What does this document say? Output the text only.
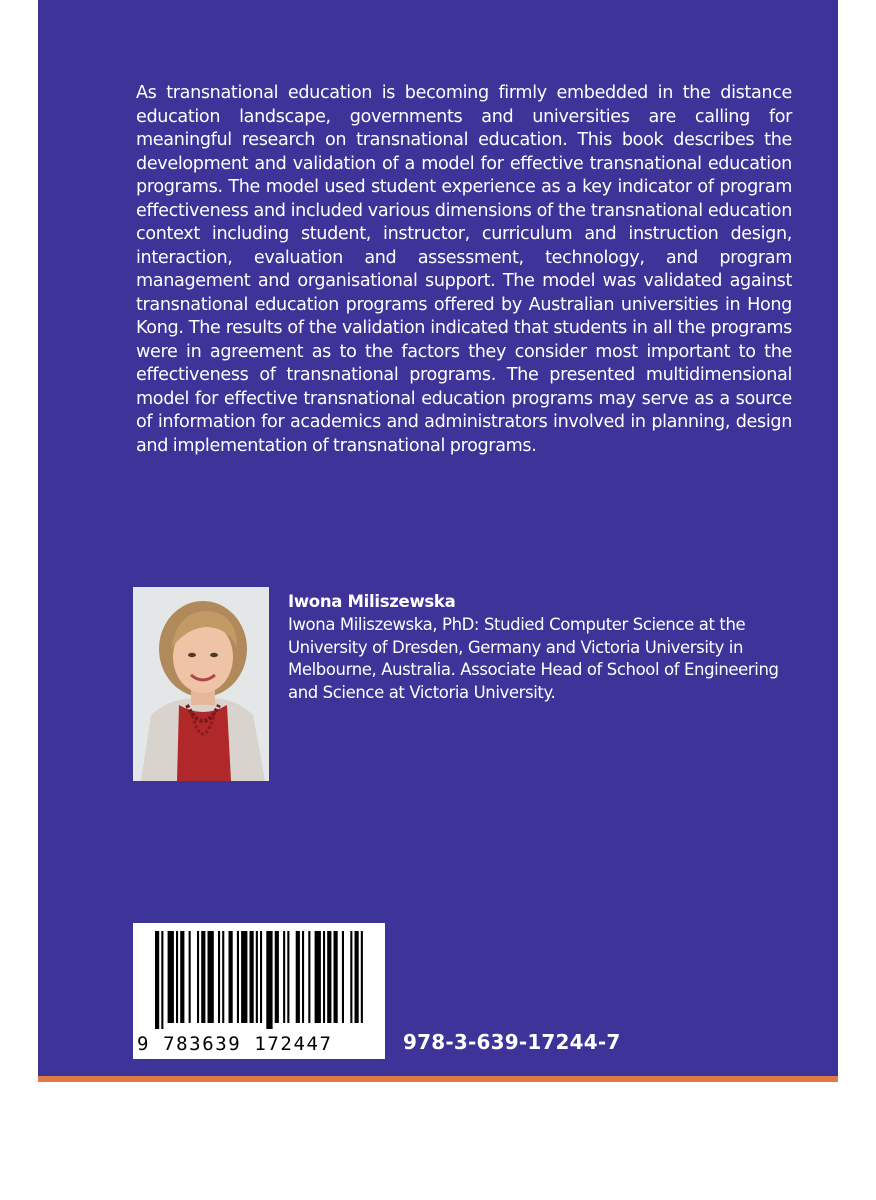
As transnational education is becoming firmly embedded in the distance education landscape, governments and universities are calling for meaningful research on transnational education. This book describes the development and validation of a model for effective transnational education programs. The model used student experience as a key indicator of program effectiveness and included various dimensions of the transnational education context including student, instructor, curriculum and instruction design, interaction, evaluation and assessment, technology, and program management and organisational support. The model was validated against transnational education programs offered by Australian universities in Hong Kong. The results of the validation indicated that students in all the programs were in agreement as to the factors they consider most important to the effectiveness of transnational programs. The presented multidimensional model for effective transnational education programs may serve as a source of information for academics and administrators involved in planning, design and implementation of transnational programs.

Iwona Miliszewska
Iwona Miliszewska, PhD: Studied Computer Science at the University of Dresden, Germany and Victoria University in Melbourne, Australia. Associate Head of School of Engineering and Science at Victoria University.
9 783639 172447	978-3-639-17244-7
